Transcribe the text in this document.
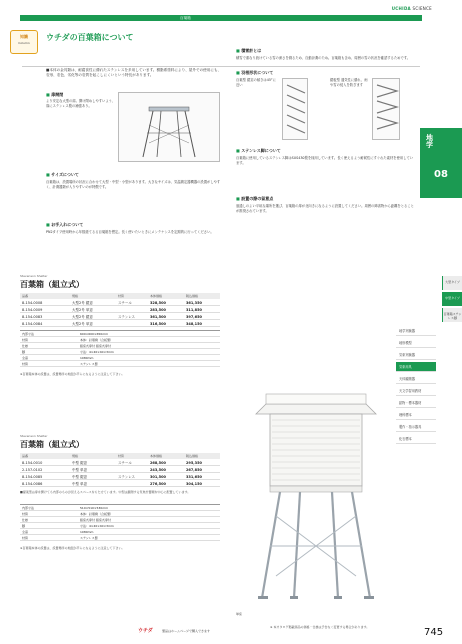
UCHIDA SCIENCE
百葉箱
知識
Column
ウチダの百葉箱について
■本体の金具類は、耐腐食性に優れたステンレスを多用しています。樹脂系塗料により、屋外での使用にも、変形、変色、劣化等の変質を起こしにくいという特長があります。
■ 扉開閉
より安定な大型の扉。開け閉めしやすいよう、扉にステンレス製の補強あり。
■ サイズについて
百葉箱は、設置場所の状況に合わせて大型・中型・小型があります。大きなサイズは、気温測定器機器の設置がしやすく、計測器類が入りやすいのが特徴です。
■ お手入れについて
PN2タイプ使用時から年数経てるる百葉箱を想定。長く使いたいときにメンテナンスを定期的に行ってください。
■ 積雪計とは
積雪で重なり続けている雪の深さを測るため、自動計測のため。百葉箱も含め、周囲の雪の状況を確認するためです。
■ 羽根形状について
百葉型 鎧窓の傾きは45°に近い
鎧板型 通気性に優れ、雨や雪の侵入を防ぎます
■ ステンレス脚について
百葉箱に使用しているステンレス脚はSUS430製を採用しています。長く使えるよう耐候性にすぐれた素材を使用しています。
■ 設置の際の留意点
風通しのよい平坦な場所を選び、百葉箱の扉が北向きになるように設置してください。周囲の障害物から距離をとることが推奨されています。
地学
08
大型タイプ
中型タイプ
百葉箱ステンレス脚
地学実験器
地形模型
気象実験器
気象用具
天体観測器
天文学習用教材
鉱物・標本器材
理科標本
製作・指示器具
化石標本
Stevenson Shelter
百葉箱（組立式）
品番	規格	材質	本体価格	税込価格
8-154-0008	大型2号 鎧窓	スチール	328,500	361,350
8-154-0009	大型2号 単窓	283,500	311,850
8-154-0083	大型2号 鎧窓	ステンレス	361,500	397,650
8-154-0084	大型2号 単窓	316,500	348,150
内部寸法	600×600×650mm
材質	本体：針葉樹（合板製）
仕様	鎧窓式扉付 鎧窓式扉付
脚	寸法：4×40×40×3mm
全高	1080mm
材質	ステンレス製
※百葉箱本体の設置は、設置場所の地面が平らになるように注意して下さい。
Stevenson Shelter
百葉箱（組立式）
品番	規格	材質	本体価格	税込価格
8-154-0010	中型 鎧窓	スチール	268,500	295,350
2-157-0102	中型 単窓	243,500	267,850
8-154-0085	中型 鎧窓	ステンレス	301,500	331,650
8-154-0086	中型 単窓	276,500	304,150
■提案型は扉を開けても内部のものが見えるスペースをもたせています。中型は観測する気象計器類を中心に配置しています。
内部寸法	510×510×530mm
材質	本体：針葉樹（合板製）
仕様	鎧窓式扉付 鎧窓式扉付
脚	寸法：4×40×40×3mm
全高	1080mm
材質	ステンレス製
※百葉箱本体の設置は、設置場所の地面が平らになるように注意して下さい。
単窓
ウチダ	製品はホームページで購入できます
※ 本カタログ掲載商品の価格・仕様は予告なく変更する場合があります。	745
